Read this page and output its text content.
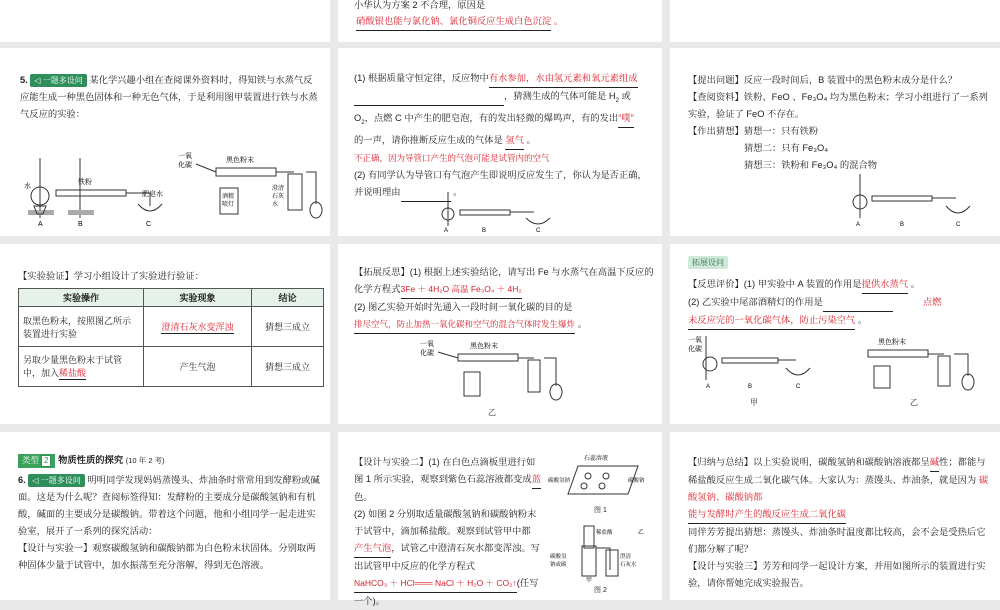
小华认为方案 2 不合理，原因是
硝酸银也能与氯化钠、氯化铜反应生成白色沉淀 。
5. ◁ 一题多设问 某化学兴趣小组在查阅课外资料时，得知铁与水蒸气反应能生成一种黑色固体和一种无色气体，于是利用图甲装置进行铁与水蒸气反应的实验：
水
铁粉
肥皂水
A	B	C
一氧
化碳
黑色粉末
酒精
喷灯
澄清
石灰
水
(1) 根据质量守恒定律，反应物中有水参加，水由氢元素和氧元素组成
，猜测生成的气体可能是 $H_2$ 或
$O_2$，点燃 C 中产生的肥皂泡，有的发出轻微的爆鸣声，有的发出“噗”
的一声，请你推断反应生成的气体是 氢气 。
不正确，因为导管口产生的气泡可能是试管内的空气
(2) 有同学认为导管口有气泡产生即说明反应发生了，你认为是否正确，并说明理由	。
A	B	C
【提出问题】反应一段时间后，B 装置中的黑色粉末成分是什么？
【查阅资料】铁粉、FeO 、Fe₃O₄ 均为黑色粉末；学习小组进行了一系列实验，验证了 FeO 不存在。
【作出猜想】猜想一：只有铁粉
猜想二：只有 Fe₃O₄
猜想三：铁粉和 Fe₃O₄ 的混合物
A	B	C
【实验验证】学习小组设计了实验进行验证：
实验操作	实验现象	结论
取黑色粉末，按照图乙所示装置进行实验	澄清石灰水变浑浊	猜想三成立
另取少量黑色粉末于试管中，加入稀盐酸	产生气泡	猜想三成立
【拓展反思】(1) 根据上述实验结论，请写出 Fe 与水蒸气在高温下反应的化学方程式3Fe ＋ 4H₂O 高温 Fe₃O₄ ＋ 4H₂
(2) 图乙实验开始时先通入一段时间一氧化碳的目的是
排尽空气，防止加热一氧化碳和空气的混合气体时发生爆炸 。
一氧
化碳
黑色粉末
乙
拓展设问
【反思评价】(1) 甲实验中 A 装置的作用是提供水蒸气 。
(2) 乙实验中尾部酒精灯的作用是	点燃
未反应完的一氧化碳气体，防止污染空气 。
一氧
化碳
A	B	C
黑色粉末
甲	乙
类型 2 物质性质的探究 (10 年 2 考)
6. ◁ 一题多设问 明明同学发现妈妈蒸馒头、炸油条时常常用到发酵粉或碱面。这是为什么呢？查阅标签得知：发酵粉的主要成分是碳酸氢钠和有机酸，碱面的主要成分是碳酸钠。带着这个问题，他和小组同学一起走进实验室，展开了一系列的探究活动：
【设计与实验一】观察碳酸氢钠和碳酸钠都为白色粉末状固体。分别取两种固体少量于试管中，加水振荡至充分溶解，得到无色溶液。
【设计与实验二】(1) 在白色点滴板里进行如图 1 所示实验，观察到紫色石蕊溶液都变成蓝色。
(2) 如图 2 分别取适量碳酸氢钠和碳酸钠粉末于试管中，滴加稀盐酸。观察到试管甲中都产生气泡，试管乙中澄清石灰水都变浑浊。写出试管甲中反应的化学方程式
NaHCO₃ ＋ HCl═══ NaCl ＋ H₂O ＋ CO₂↑(任写一个)。
石蕊溶液
碳酸氢钠	碳酸钠
图 1
稀盐酸
碳酸氢
钠或碳
澄清
石灰水
甲
乙
图 2
【归纳与总结】以上实验说明，碳酸氢钠和碳酸钠溶液都呈碱性；都能与稀盐酸反应生成二氧化碳气体。大家认为：蒸馒头、炸油条，就是因为 碳酸氢钠、碳酸钠都
能与发酵时产生的酸反应生成二氧化碳
同伴芳芳提出猜想：蒸馒头、炸油条时温度都比较高，会不会是受热后它们都分解了呢？
【设计与实验三】芳芳和同学一起设计方案，并用如图所示的装置进行实验，请你帮她完成实验报告。
